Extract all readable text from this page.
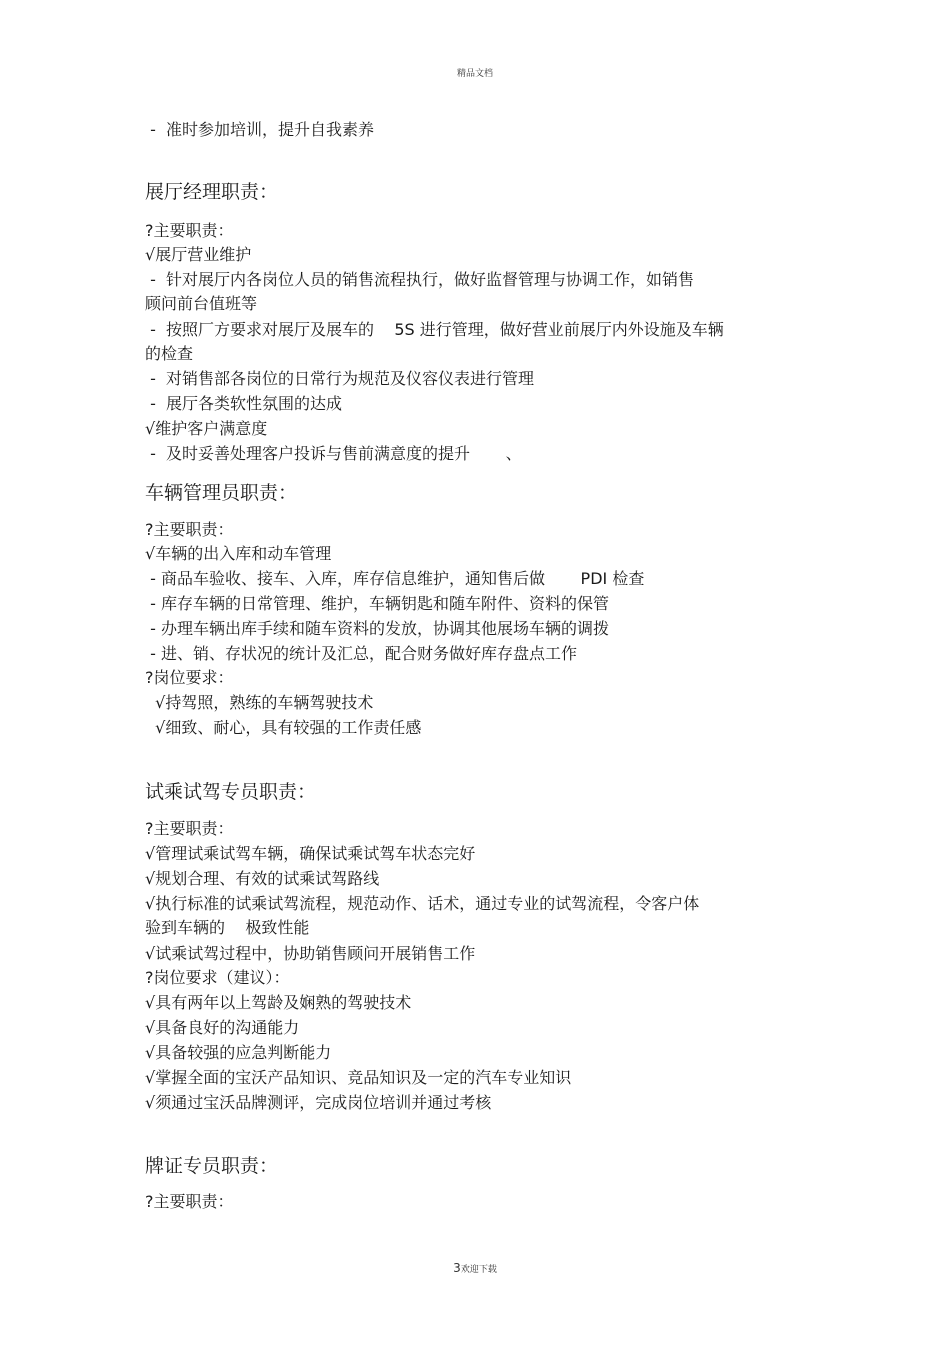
精品文档
-  准时参加培训，提升自我素养
展厅经理职责：
?主要职责：
√展厅营业维护
-  针对展厅内各岗位人员的销售流程执行，做好监督管理与协调工作，如销售
顾问前台值班等
-  按照厂方要求对展厅及展车的    5S 进行管理，做好营业前展厅内外设施及车辆
的检查
-  对销售部各岗位的日常行为规范及仪容仪表进行管理
-  展厅各类软性氛围的达成
√维护客户满意度
-  及时妥善处理客户投诉与售前满意度的提升       、
车辆管理员职责：
?主要职责：
√车辆的出入库和动车管理
- 商品车验收、接车、入库，库存信息维护，通知售后做       PDI 检查
- 库存车辆的日常管理、维护，车辆钥匙和随车附件、资料的保管
- 办理车辆出库手续和随车资料的发放，协调其他展场车辆的调拨
- 进、销、存状况的统计及汇总，配合财务做好库存盘点工作
?岗位要求：
√持驾照，熟练的车辆驾驶技术
√细致、耐心，具有较强的工作责任感
试乘试驾专员职责：
?主要职责：
√管理试乘试驾车辆，确保试乘试驾车状态完好
√规划合理、有效的试乘试驾路线
√执行标准的试乘试驾流程，规范动作、话术，通过专业的试驾流程，令客户体
验到车辆的    极致性能
√试乘试驾过程中，协助销售顾问开展销售工作
?岗位要求（建议）：
√具有两年以上驾龄及娴熟的驾驶技术
√具备良好的沟通能力
√具备较强的应急判断能力
√掌握全面的宝沃产品知识、竞品知识及一定的汽车专业知识
√须通过宝沃品牌测评，完成岗位培训并通过考核
牌证专员职责：
?主要职责：
3欢迎下载
